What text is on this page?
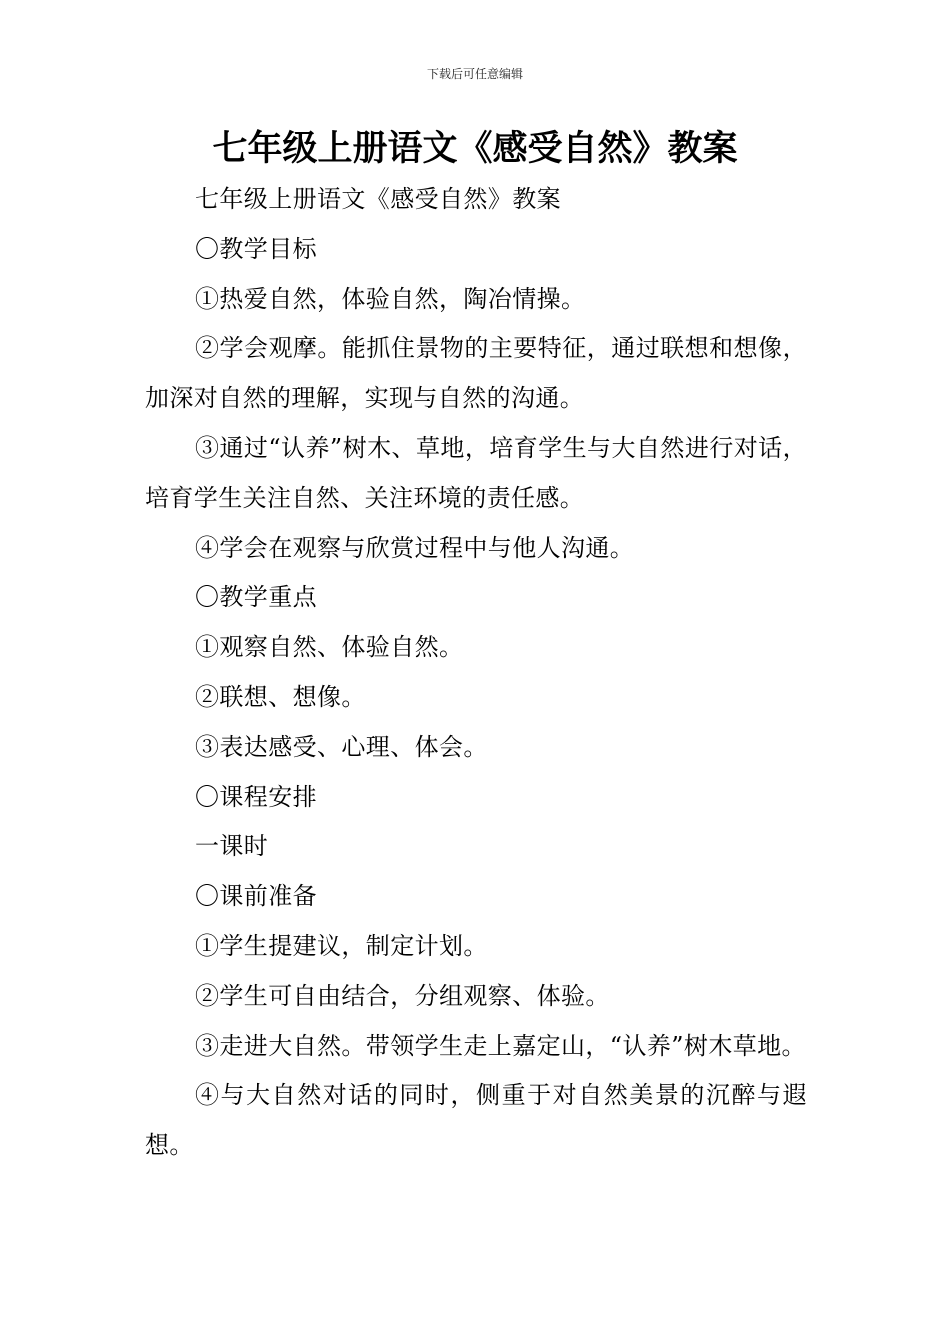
下载后可任意编辑
七年级上册语文《感受自然》教案

七年级上册语文《感受自然》教案

〇教学目标

①热爱自然，体验自然，陶冶情操。

②学会观摩。能抓住景物的主要特征，通过联想和想像，加深对自然的理解，实现与自然的沟通。

③通过“认养”树木、草地，培育学生与大自然进行对话，培育学生关注自然、关注环境的责任感。

④学会在观察与欣赏过程中与他人沟通。

〇教学重点

①观察自然、体验自然。

②联想、想像。

③表达感受、心理、体会。

〇课程安排

一课时

〇课前准备

①学生提建议，制定计划。

②学生可自由结合，分组观察、体验。

③走进大自然。带领学生走上嘉定山，“认养”树木草地。

④与大自然对话的同时，侧重于对自然美景的沉醉与遐想。
